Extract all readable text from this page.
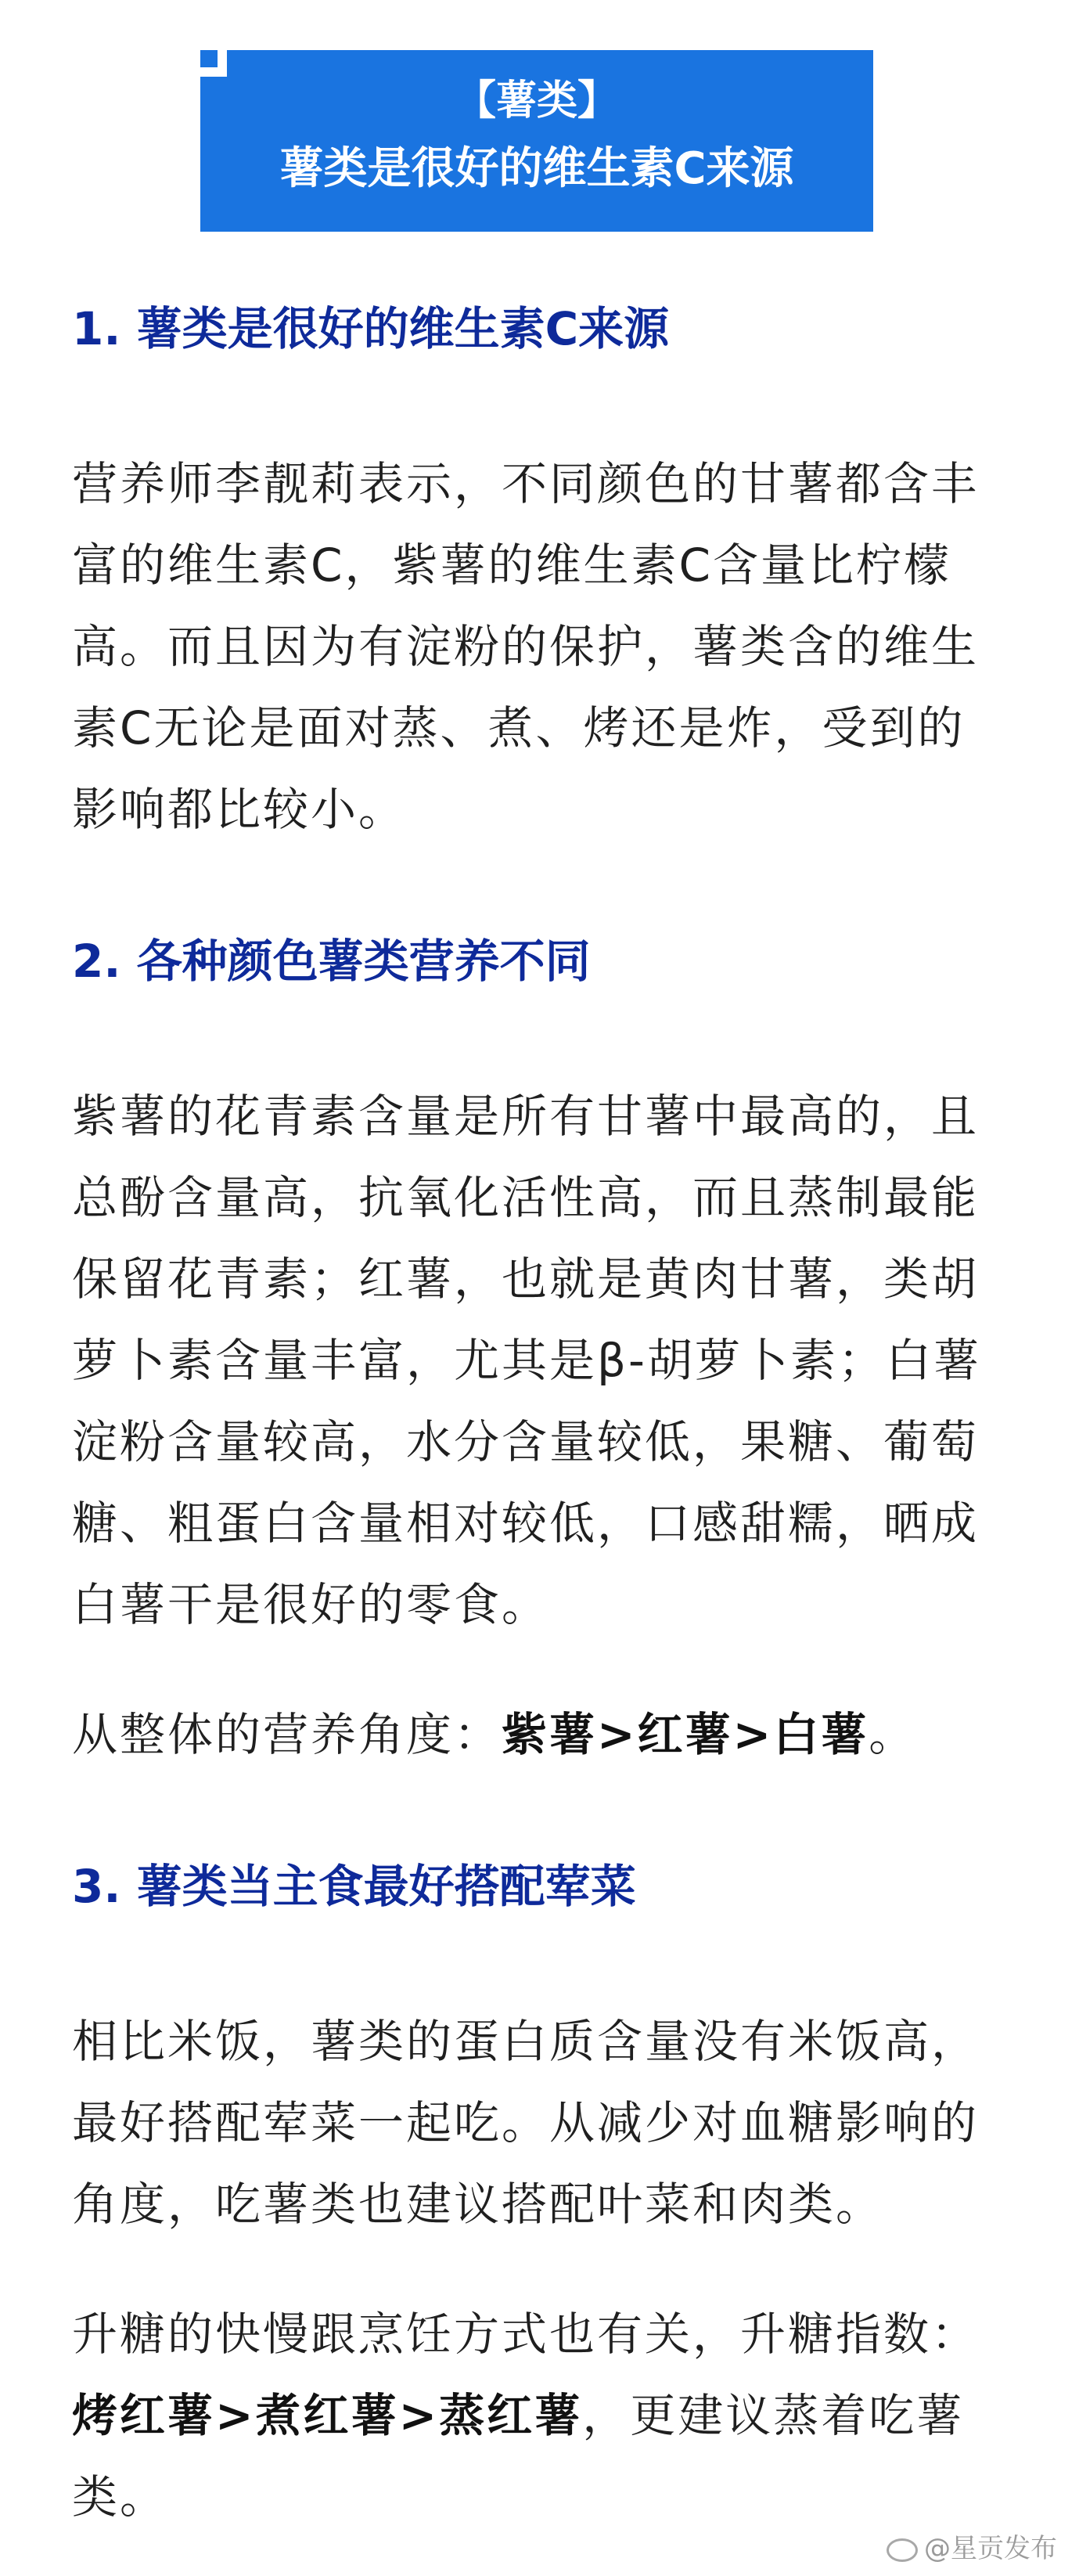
【薯类】
薯类是很好的维生素C来源
1. 薯类是很好的维生素C来源

营养师李靓莉表示，不同颜色的甘薯都含丰富的维生素C，紫薯的维生素C含量比柠檬高。而且因为有淀粉的保护，薯类含的维生素C无论是面对蒸、煮、烤还是炸，受到的影响都比较小。

2. 各种颜色薯类营养不同

紫薯的花青素含量是所有甘薯中最高的，且总酚含量高，抗氧化活性高，而且蒸制最能保留花青素；红薯，也就是黄肉甘薯，类胡萝卜素含量丰富，尤其是β-胡萝卜素；白薯淀粉含量较高，水分含量较低，果糖、葡萄糖、粗蛋白含量相对较低，口感甜糯，晒成白薯干是很好的零食。

从整体的营养角度：紫薯>红薯>白薯。

3. 薯类当主食最好搭配荤菜

相比米饭，薯类的蛋白质含量没有米饭高，最好搭配荤菜一起吃。从减少对血糖影响的角度，吃薯类也建议搭配叶菜和肉类。

升糖的快慢跟烹饪方式也有关，升糖指数：烤红薯>煮红薯>蒸红薯，更建议蒸着吃薯类。

@星贡发布
